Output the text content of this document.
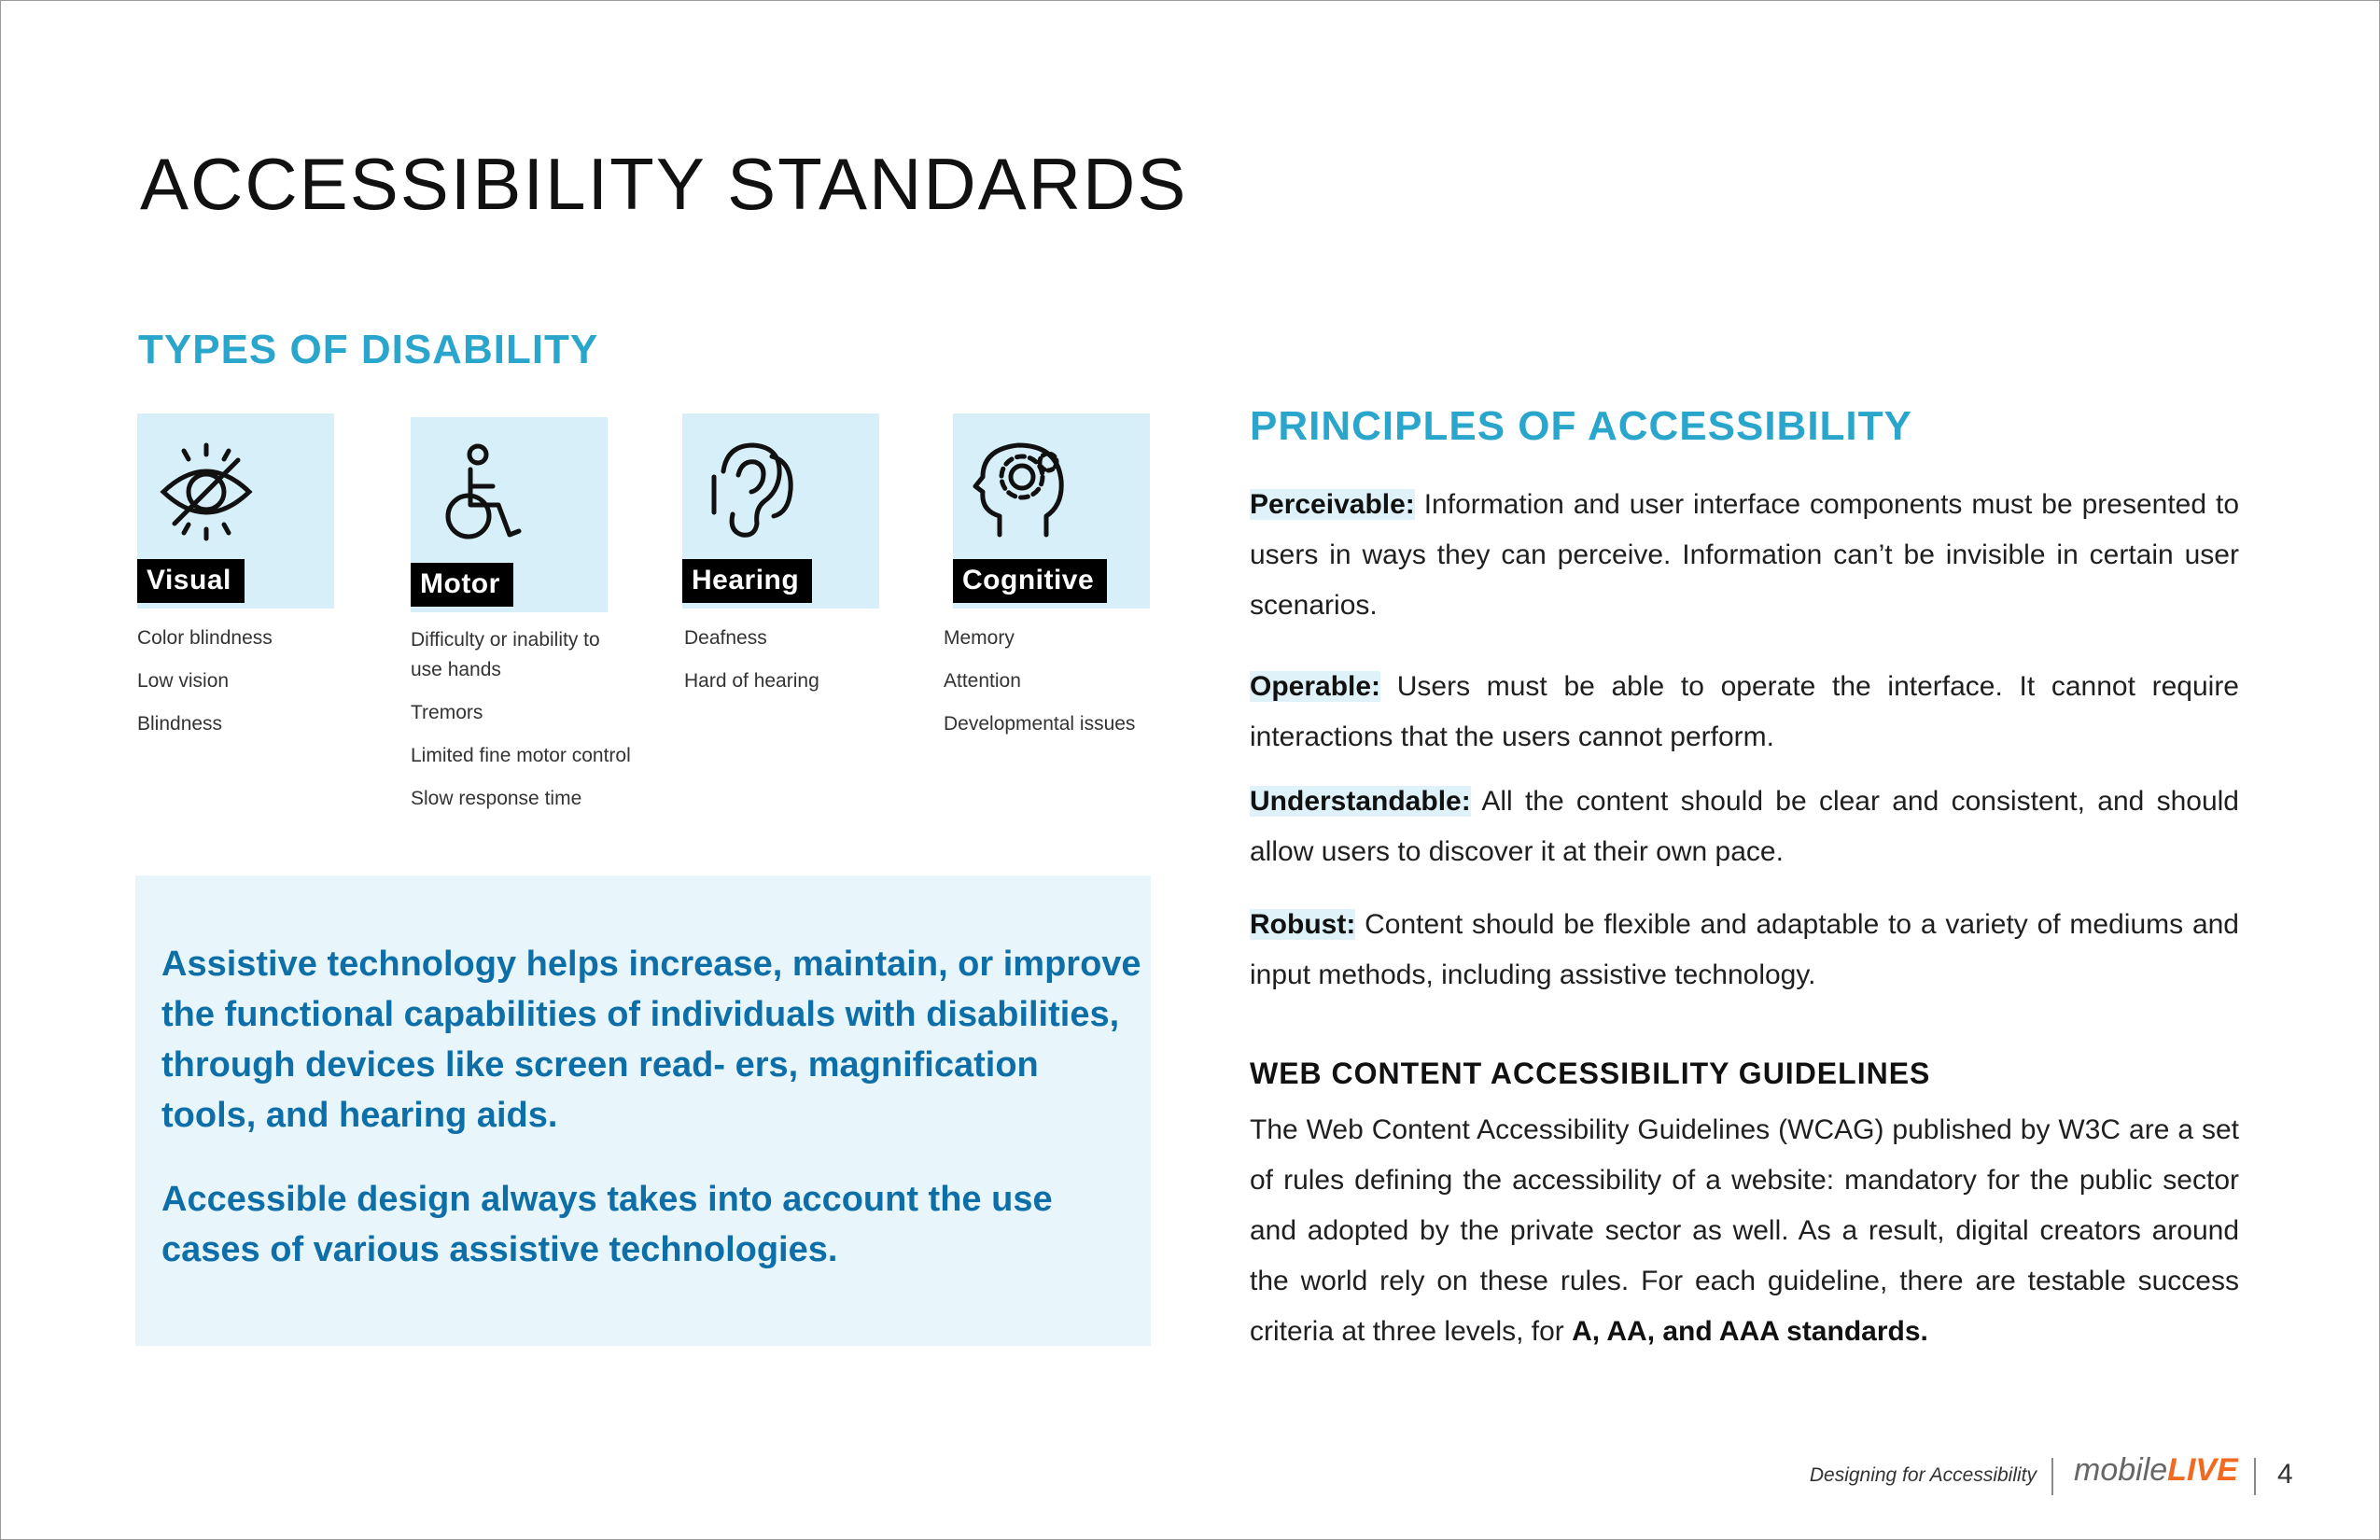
ACCESSIBILITY STANDARDS
TYPES OF DISABILITY
Visual
Color blindness
Low vision
Blindness
Motor
Difficulty or inability to use hands
Tremors
Limited fine motor control
Slow response time
Hearing
Deafness
Hard of hearing
Cognitive
Memory
Attention
Developmental issues

Assistive technology helps increase, maintain, or improve the functional capabilities of individuals with disabilities, through devices like screen read- ers, magnification tools, and hearing aids.

Accessible design always takes into account the use cases of various assistive technologies.

PRINCIPLES OF ACCESSIBILITY

Perceivable: Information and user interface components must be presented to users in ways they can perceive. Information can’t be invisible in certain user scenarios.

Operable: Users must be able to operate the interface. It cannot require interactions that the users cannot perform.

Understandable: All the content should be clear and consistent, and should allow users to discover it at their own pace.

Robust: Content should be flexible and adaptable to a variety of mediums and input methods, including assistive technology.

WEB CONTENT ACCESSIBILITY GUIDELINES

The Web Content Accessibility Guidelines (WCAG) published by W3C are a set of rules defining the accessibility of a website: mandatory for the public sector and adopted by the private sector as well. As a result, digital creators around the world rely on these rules. For each guideline, there are testable success criteria at three levels, for A, AA, and AAA standards.

Designing for Accessibility mobileLIVE 4
